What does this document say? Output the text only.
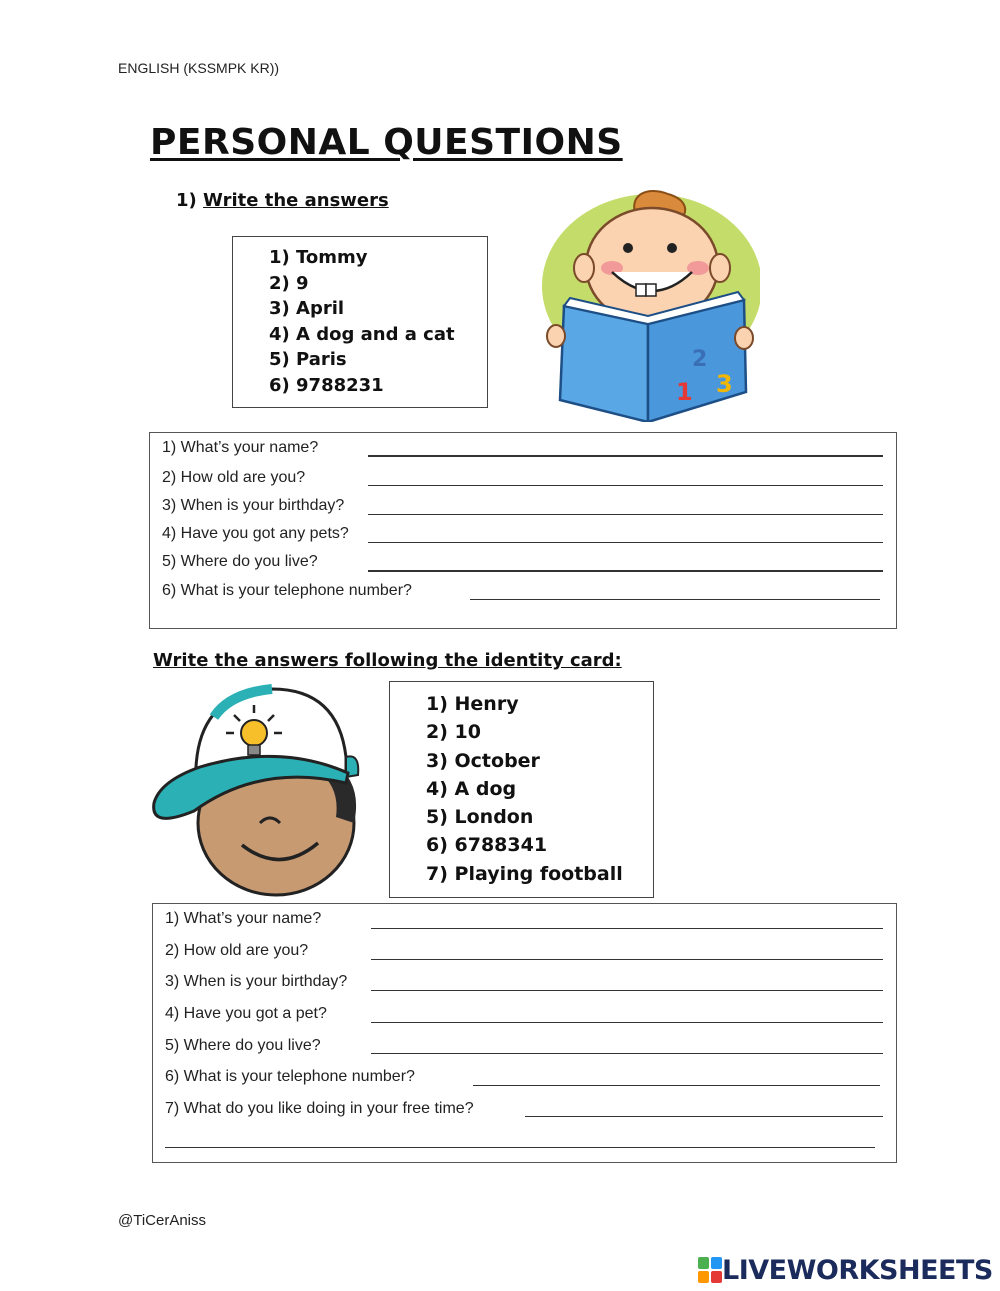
ENGLISH (KSSMPK KR))
PERSONAL QUESTIONS
1) Write the answers
1) Tommy
2) 9
3) April
4) A dog and a cat
5) Paris
6) 9788231	1
2
3
1) What’s your name?
2) How old are you?
3) When is your birthday?
4) Have you got any pets?
5) Where do you live?
6) What is your telephone number?
Write the answers following the identity card:
1) Henry
2) 10
3) October
4) A dog
5) London
6) 6788341
7) Playing football
1) What’s your name?
2) How old are you?
3) When is your birthday?
4) Have you got a pet?
5) Where do you live?
6) What is your telephone number?
7) What do you like doing in your free time?
@TiCerAniss
LIVEWORKSHEETS
